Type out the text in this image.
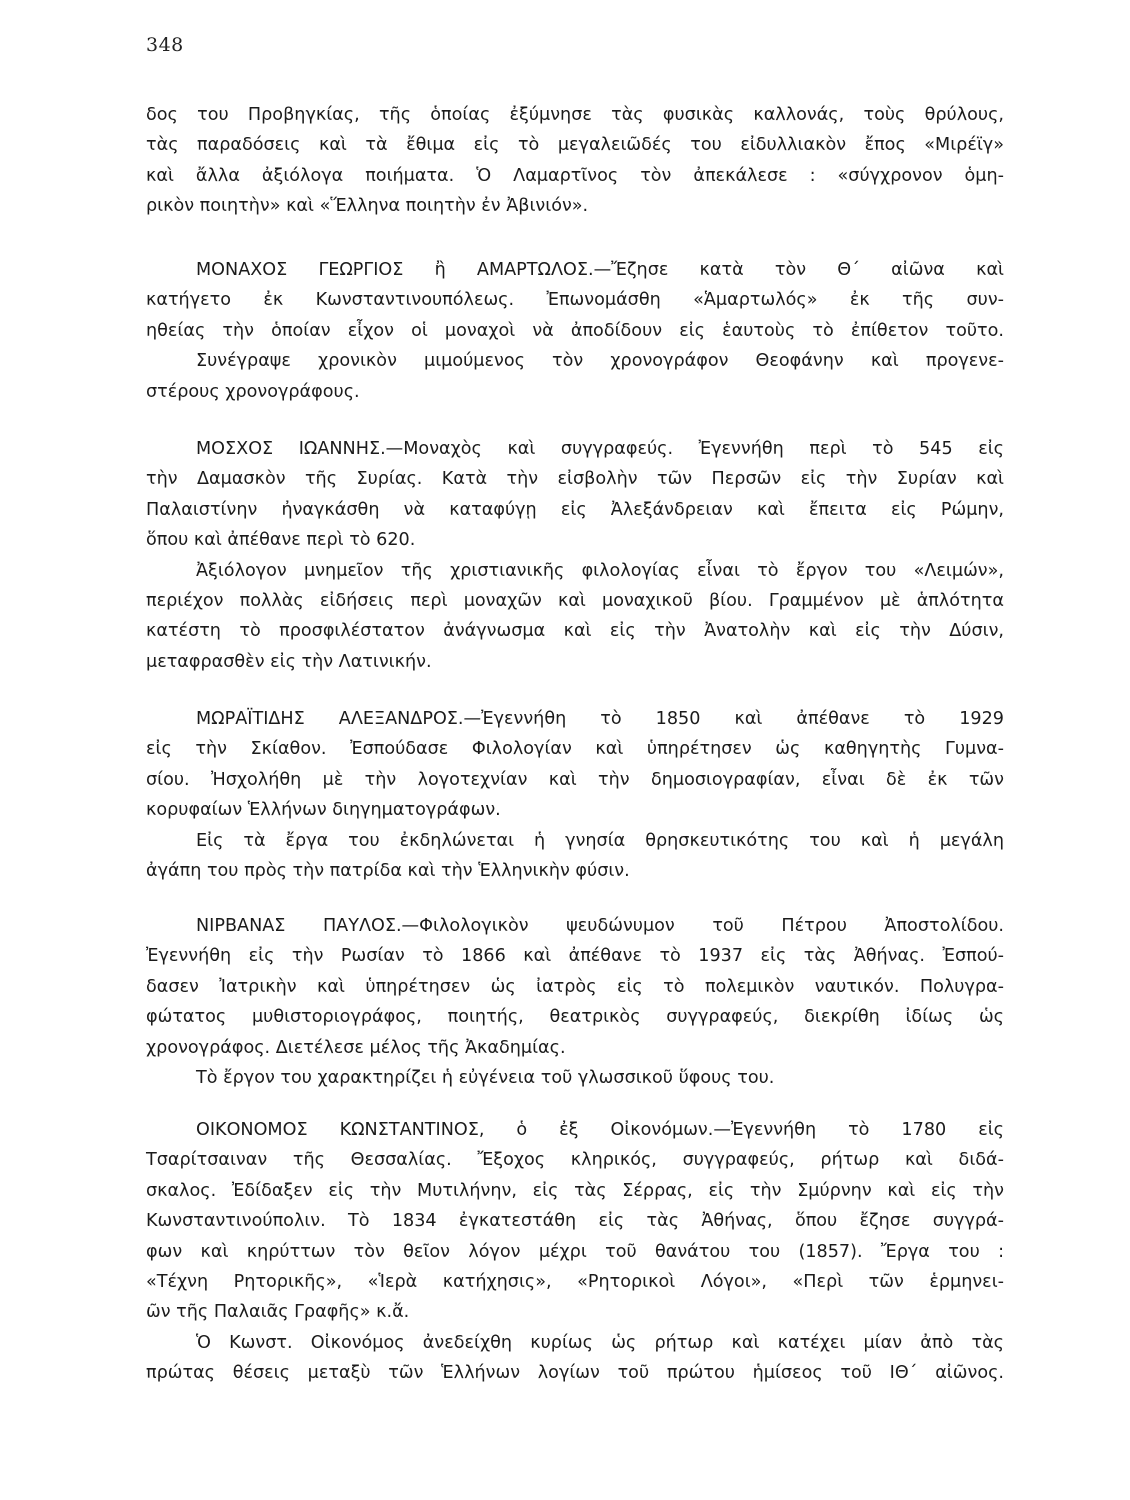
348
δος του Προβηγκίας, τῆς ὁποίας ἐξύμνησε τὰς φυσικὰς καλλονάς, τοὺς θρύλους,
τὰς παραδόσεις καὶ τὰ ἔθιμα εἰς τὸ μεγαλειῶδές του εἰδυλλιακὸν ἔπος «Μιρέϊγ»
καὶ ἄλλα ἀξιόλογα ποιήματα. Ὁ Λαμαρτῖνος τὸν ἀπεκάλεσε : «σύγχρονον ὁμη-
ρικὸν ποιητὴν» καὶ «Ἕλληνα ποιητὴν ἐν Ἀβινιόν».
ΜΟΝΑΧΟΣ ΓΕΩΡΓΙΟΣ ἢ ΑΜΑΡΤΩΛΟΣ.—Ἔζησε κατὰ τὸν Θ΄ αἰῶνα καὶ
κατήγετο ἐκ Κωνσταντινουπόλεως. Ἐπωνομάσθη «Ἁμαρτωλός» ἐκ τῆς συν-
ηθείας τὴν ὁποίαν εἶχον οἱ μοναχοὶ νὰ ἀποδίδουν εἰς ἑαυτοὺς τὸ ἐπίθετον τοῦτο.
Συνέγραψε χρονικὸν μιμούμενος τὸν χρονογράφον Θεοφάνην καὶ προγενε-
στέρους χρονογράφους.
ΜΟΣΧΟΣ ΙΩΑΝΝΗΣ.—Μοναχὸς καὶ συγγραφεύς. Ἐγεννήθη περὶ τὸ 545 εἰς
τὴν Δαμασκὸν τῆς Συρίας. Κατὰ τὴν εἰσβολὴν τῶν Περσῶν εἰς τὴν Συρίαν καὶ
Παλαιστίνην ἠναγκάσθη νὰ καταφύγῃ εἰς Ἀλεξάνδρειαν καὶ ἔπειτα εἰς Ρώμην,
ὅπου καὶ ἀπέθανε περὶ τὸ 620.
Ἀξιόλογον μνημεῖον τῆς χριστιανικῆς φιλολογίας εἶναι τὸ ἔργον του «Λειμών»,
περιέχον πολλὰς εἰδήσεις περὶ μοναχῶν καὶ μοναχικοῦ βίου. Γραμμένον μὲ ἁπλότητα
κατέστη τὸ προσφιλέστατον ἀνάγνωσμα καὶ εἰς τὴν Ἀνατολὴν καὶ εἰς τὴν Δύσιν,
μεταφρασθὲν εἰς τὴν Λατινικήν.
ΜΩΡΑΪΤΙΔΗΣ ΑΛΕΞΑΝΔΡΟΣ.—Ἐγεννήθη τὸ 1850 καὶ ἀπέθανε τὸ 1929
εἰς τὴν Σκίαθον. Ἐσπούδασε Φιλολογίαν καὶ ὑπηρέτησεν ὡς καθηγητὴς Γυμνα-
σίου. Ἠσχολήθη μὲ τὴν λογοτεχνίαν καὶ τὴν δημοσιογραφίαν, εἶναι δὲ ἐκ τῶν
κορυφαίων Ἑλλήνων διηγηματογράφων.
Εἰς τὰ ἔργα του ἐκδηλώνεται ἡ γνησία θρησκευτικότης του καὶ ἡ μεγάλη
ἀγάπη του πρὸς τὴν πατρίδα καὶ τὴν Ἑλληνικὴν φύσιν.
ΝΙΡΒΑΝΑΣ ΠΑΥΛΟΣ.—Φιλολογικὸν ψευδώνυμον τοῦ Πέτρου Ἀποστολίδου.
Ἐγεννήθη εἰς τὴν Ρωσίαν τὸ 1866 καὶ ἀπέθανε τὸ 1937 εἰς τὰς Ἀθήνας. Ἐσπού-
δασεν Ἰατρικὴν καὶ ὑπηρέτησεν ὡς ἰατρὸς εἰς τὸ πολεμικὸν ναυτικόν. Πολυγρα-
φώτατος μυθιστοριογράφος, ποιητής, θεατρικὸς συγγραφεύς, διεκρίθη ἰδίως ὡς
χρονογράφος. Διετέλεσε μέλος τῆς Ἀκαδημίας.
Τὸ ἔργον του χαρακτηρίζει ἡ εὐγένεια τοῦ γλωσσικοῦ ὕφους του.
ΟΙΚΟΝΟΜΟΣ ΚΩΝΣΤΑΝΤΙΝΟΣ, ὁ ἐξ Οἰκονόμων.—Ἐγεννήθη τὸ 1780 εἰς
Τσαρίτσαιναν τῆς Θεσσαλίας. Ἔξοχος κληρικός, συγγραφεύς, ρήτωρ καὶ διδά-
σκαλος. Ἐδίδαξεν εἰς τὴν Μυτιλήνην, εἰς τὰς Σέρρας, εἰς τὴν Σμύρνην καὶ εἰς τὴν
Κωνσταντινούπολιν. Τὸ 1834 ἐγκατεστάθη εἰς τὰς Ἀθήνας, ὅπου ἔζησε συγγρά-
φων καὶ κηρύττων τὸν θεῖον λόγον μέχρι τοῦ θανάτου του (1857). Ἔργα του :
«Τέχνη Ρητορικῆς», «Ἱερὰ κατήχησις», «Ρητορικοὶ Λόγοι», «Περὶ τῶν ἑρμηνει-
ῶν τῆς Παλαιᾶς Γραφῆς» κ.ἄ.
Ὁ Κωνστ. Οἰκονόμος ἀνεδείχθη κυρίως ὡς ρήτωρ καὶ κατέχει μίαν ἀπὸ τὰς
πρώτας θέσεις μεταξὺ τῶν Ἑλλήνων λογίων τοῦ πρώτου ἡμίσεος τοῦ ΙΘ΄ αἰῶνος.
